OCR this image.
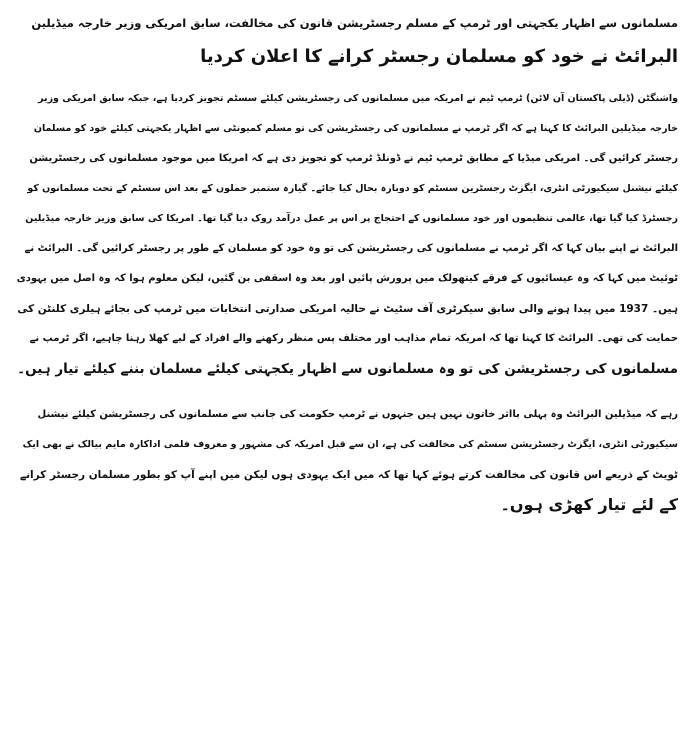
مسلمانوں سے اظہار یکجہتی اور ٹرمپ کے مسلم رجسٹریشن قانون کی مخالفت، سابق امریکی وزیر خارجہ میڈیلین
البرائٹ نے خود کو مسلمان رجسٹر کرانے کا اعلان کردیا
واشنگٹن (ڈیلی پاکستان آن لائن) ٹرمپ ٹیم نے امریکہ میں مسلمانوں کی رجسٹریشن کیلئے سسٹم تجویز کردیا ہے، جبکہ سابق امریکی وزیر
خارجہ میڈیلین البرائٹ کا کہنا ہے کہ اگر ٹرمپ نے مسلمانوں کی رجسٹریشن کی تو مسلم کمیونٹی سے اظہار یکجہتی کیلئے خود کو مسلمان
رجسٹر کرائیں گی۔ امریکی میڈیا کے مطابق ٹرمپ ٹیم نے ڈونلڈ ٹرمپ کو تجویز دی ہے کہ امریکا میں موجود مسلمانوں کی رجسٹریشن
کیلئے نیشنل سیکیورٹی انٹری، ایگزٹ رجسٹرین سسٹم کو دوبارہ بحال کیا جائے۔ گیارہ ستمبر حملوں کے بعد اس سسٹم کے تحت مسلمانوں کو
رجسٹرڈ کیا گیا تھا، عالمی تنظیموں اور خود مسلمانوں کے احتجاج پر اس پر عمل درآمد روک دیا گیا تھا۔ امریکا کی سابق وزیر خارجہ میڈیلین
البرائٹ نے اپنے بیان کہا کہ اگر ٹرمپ نے مسلمانوں کی رجسٹریشن کی تو وہ خود کو مسلمان کے طور پر رجسٹر کرائیں گی۔ البرائٹ نے
ٹوئیٹ میں کہا کہ وہ عیسائیوں کے فرقے کیتھولک میں پرورش پائیں اور بعد وہ اسقفی بن گئیں، لیکن معلوم ہوا کہ وہ اصل میں یہودی
ہیں۔ 1937 میں پیدا ہونے والی سابق سیکرٹری آف سٹیٹ نے حالیہ امریکی صدارتی انتخابات میں ٹرمپ کی بجائے ہیلری کلنٹن کی
حمایت کی تھی۔ البرائٹ کا کہنا تھا کہ امریکہ تمام مذاہب اور مختلف پس منظر رکھنے والے افراد کے لیے کھلا رہنا چاہیے، اگر ٹرمپ نے
مسلمانوں کی رجسٹریشن کی تو وہ مسلمانوں سے اظہار یکجہتی کیلئے مسلمان بننے کیلئے تیار ہیں۔
رہے کہ میڈیلین البرائٹ وہ پہلی بااثر خاتون نہیں ہیں جنہوں نے ٹرمپ حکومت کی جانب سے مسلمانوں کی رجسٹریشن کیلئے نیشنل
سیکیورٹی انٹری، ایگزٹ رجسٹریشن سسٹم کی مخالفت کی ہے، ان سے قبل امریکہ کی مشہور و معروف فلمی اداکارہ مایم بیالک نے بھی ایک
ٹویٹ کے ذریعے اس قانون کی مخالفت کرتے ہوئے کہا تھا کہ میں ایک یہودی ہوں لیکن میں اپنے آپ کو بطور مسلمان رجسٹر کرانے
کے لئے تیار کھڑی ہوں۔
